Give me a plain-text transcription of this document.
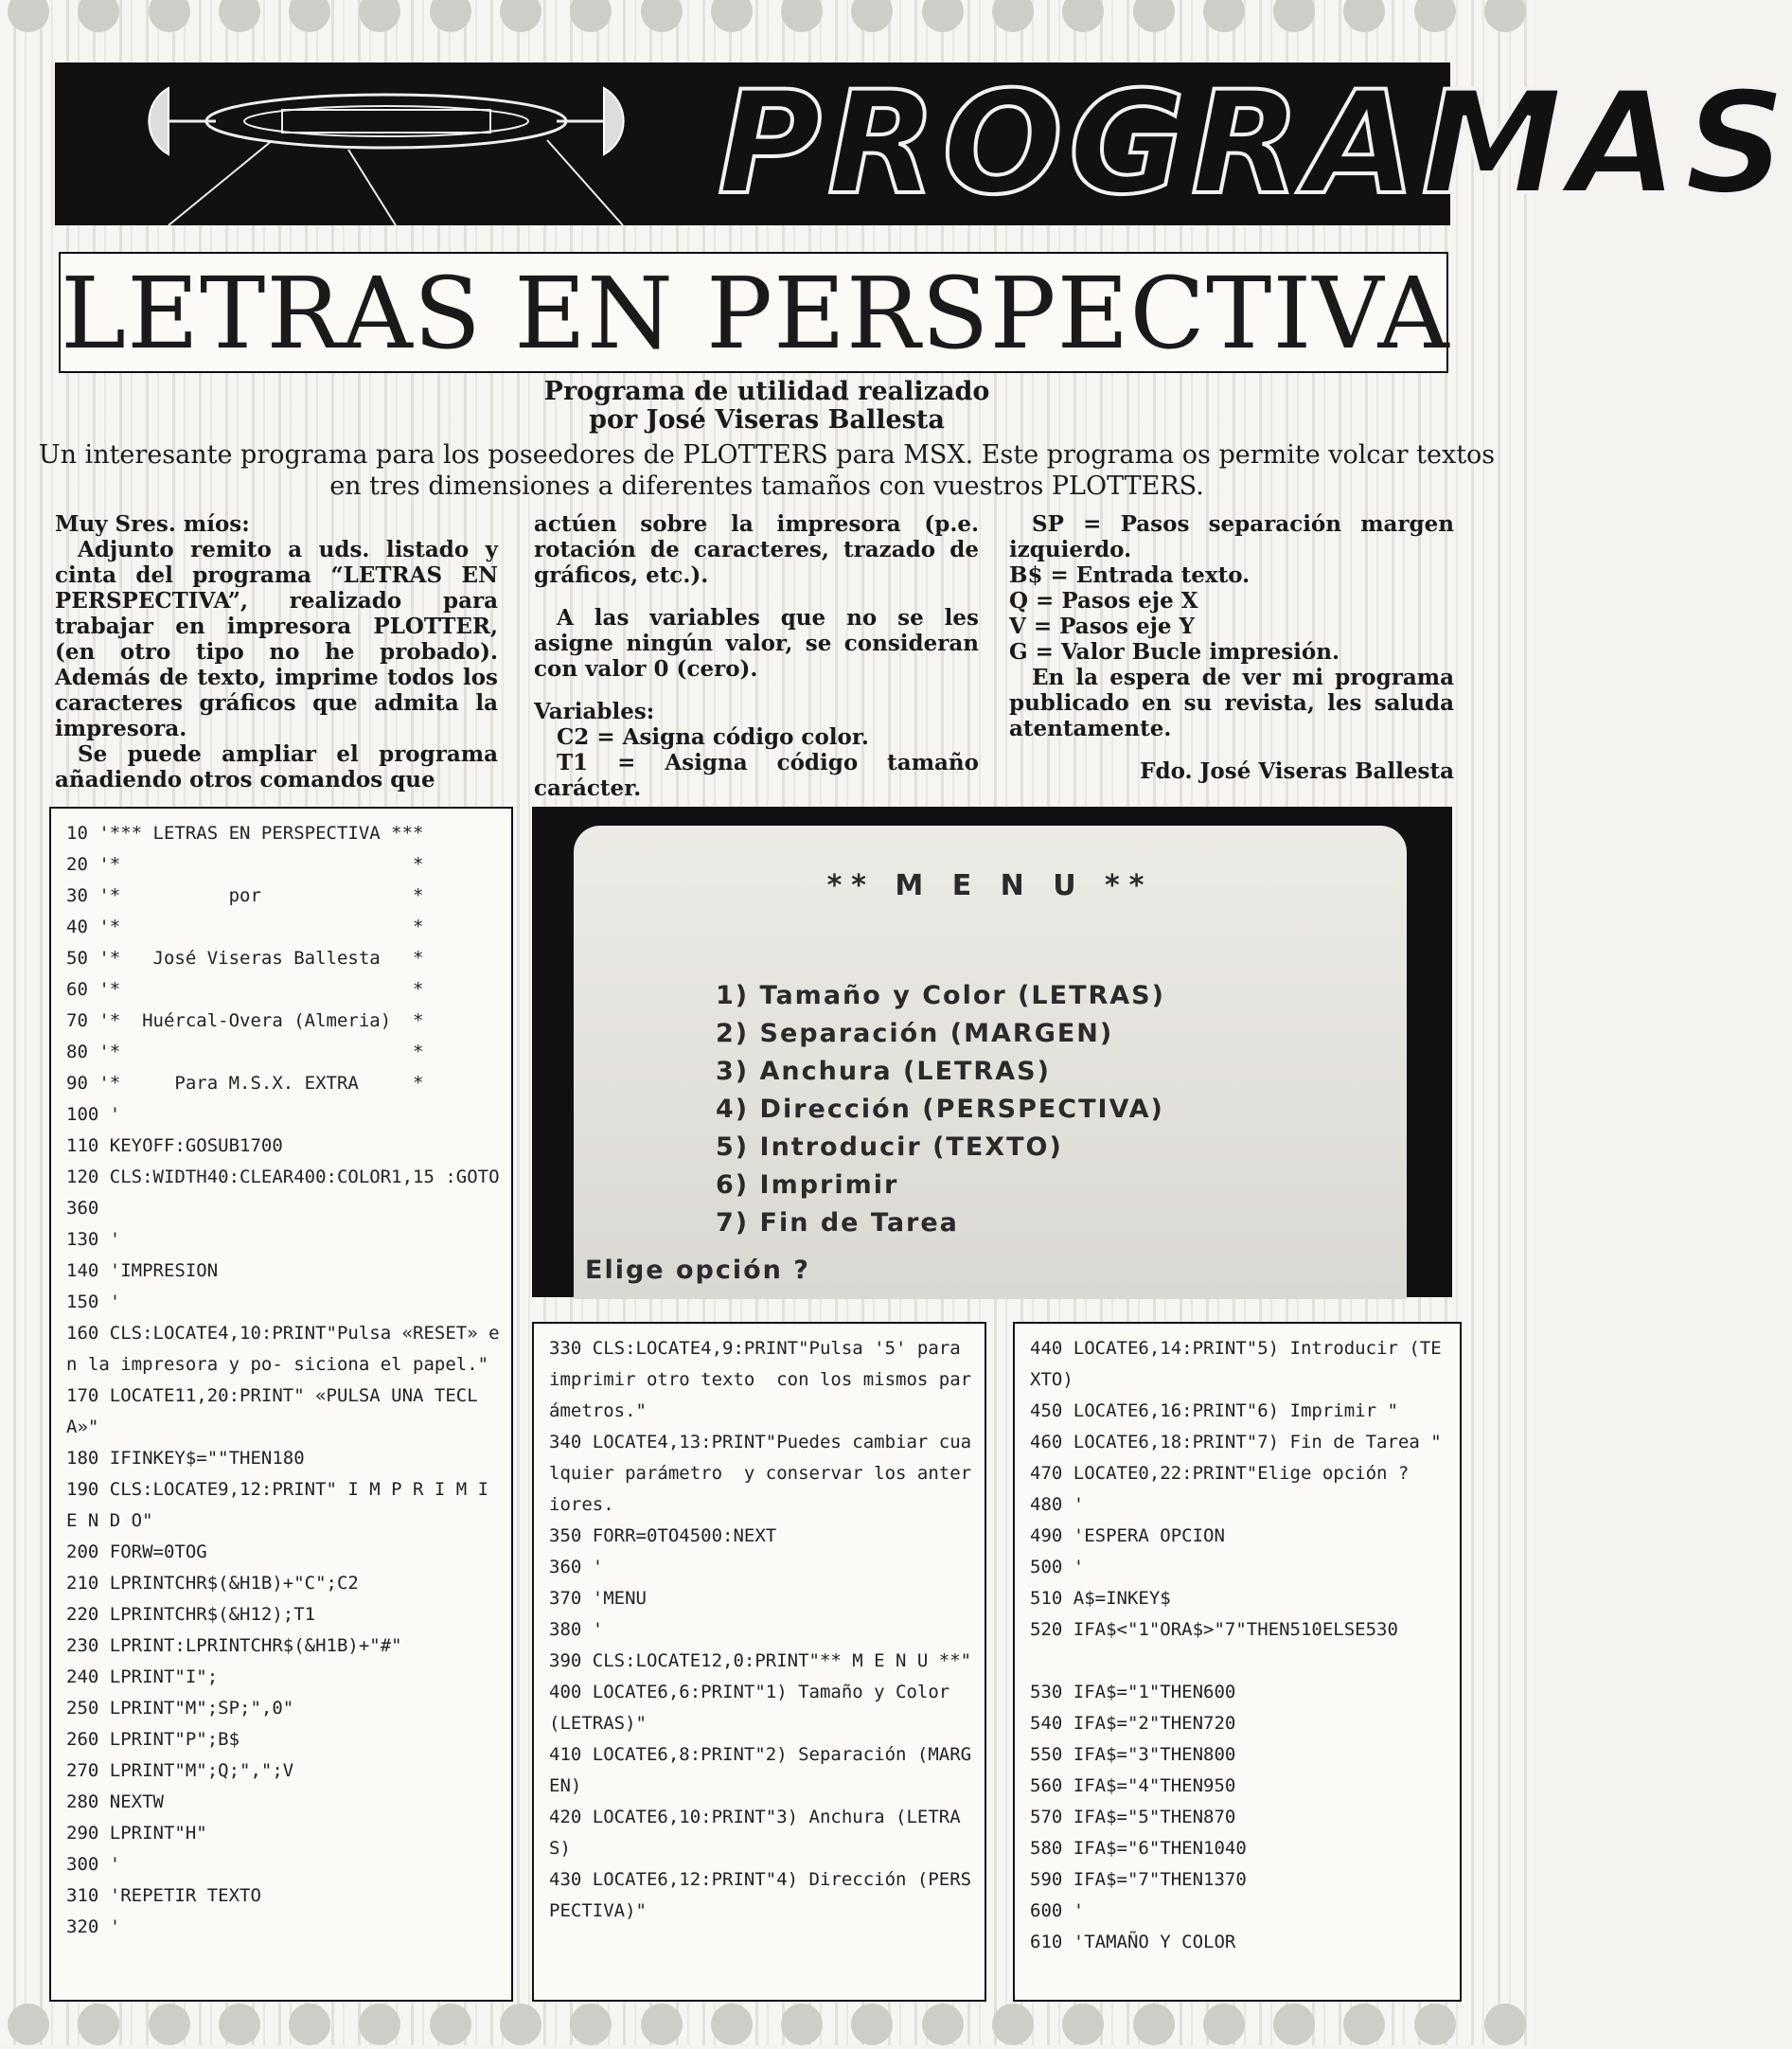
PROGRAMAS
LETRAS EN PERSPECTIVA
Programa de utilidad realizado
por José Viseras Ballesta
Un interesante programa para los poseedores de PLOTTERS para MSX. Este programa os permite volcar textos en tres dimensiones a diferentes tamaños con vuestros PLOTTERS.

Muy Sres. míos:

Adjunto remito a uds. listado y cinta del programa “LETRAS EN PERSPECTIVA”, realizado para trabajar en impresora PLOTTER, (en otro tipo no he probado). Además de texto, imprime todos los caracteres gráficos que admita la impresora.

Se puede ampliar el programa añadiendo otros comandos que

actúen sobre la impresora (p.e. rotación de caracteres, trazado de gráficos, etc.).

A las variables que no se les asigne ningún valor, se consideran con valor 0 (cero).

Variables:

C2 = Asigna código color.

T1 = Asigna código tamaño carácter.

SP = Pasos separación margen izquierdo.

B$ = Entrada texto.

Q = Pasos eje X

V = Pasos eje Y

G = Valor Bucle impresión.

En la espera de ver mi programa publicado en su revista, les saluda atentamente.

Fdo. José Viseras Ballesta

10 '*** LETRAS EN PERSPECTIVA ***
20 '*                           *
30 '*          por              *
40 '*                           *
50 '*   José Viseras Ballesta   *
60 '*                           *
70 '*  Huércal-Overa (Almeria)  *
80 '*                           *
90 '*     Para M.S.X. EXTRA     *
100 '
110 KEYOFF:GOSUB1700
120 CLS:WIDTH40:CLEAR400:COLOR1,15 :GOTO 360
130 '
140 'IMPRESION
150 '
160 CLS:LOCATE4,10:PRINT"Pulsa «RESET» en la impresora y po- siciona el papel."
170 LOCATE11,20:PRINT" «PULSA UNA TECLA»"
180 IFINKEY$=""THEN180
190 CLS:LOCATE9,12:PRINT" I M P R I M I E N D O"
200 FORW=0TOG
210 LPRINTCHR$(&H1B)+"C";C2
220 LPRINTCHR$(&H12);T1
230 LPRINT:LPRINTCHR$(&H1B)+"#"
240 LPRINT"I";
250 LPRINT"M";SP;",0"
260 LPRINT"P";B$
270 LPRINT"M";Q;",";V
280 NEXTW
290 LPRINT"H"
300 '
310 'REPETIR TEXTO
320 '
** M E N U **
1) Tamaño y Color (LETRAS)
2) Separación (MARGEN)
3) Anchura (LETRAS)
4) Dirección (PERSPECTIVA)
5) Introducir (TEXTO)
6) Imprimir
7) Fin de Tarea
Elige opción ?
330 CLS:LOCATE4,9:PRINT"Pulsa '5' para imprimir otro texto  con los mismos parámetros."
340 LOCATE4,13:PRINT"Puedes cambiar cualquier parámetro  y conservar los anteriores.
350 FORR=0TO4500:NEXT
360 '
370 'MENU
380 '
390 CLS:LOCATE12,0:PRINT"** M E N U **"
400 LOCATE6,6:PRINT"1) Tamaño y Color (LETRAS)"
410 LOCATE6,8:PRINT"2) Separación (MARGEN)
420 LOCATE6,10:PRINT"3) Anchura (LETRAS)
430 LOCATE6,12:PRINT"4) Dirección (PERSPECTIVA)"
440 LOCATE6,14:PRINT"5) Introducir (TEXTO)
450 LOCATE6,16:PRINT"6) Imprimir "
460 LOCATE6,18:PRINT"7) Fin de Tarea "
470 LOCATE0,22:PRINT"Elige opción ?
480 '
490 'ESPERA OPCION
500 '
510 A$=INKEY$
520 IFA$<"1"ORA$>"7"THEN510ELSE530
530 IFA$="1"THEN600
540 IFA$="2"THEN720
550 IFA$="3"THEN800
560 IFA$="4"THEN950
570 IFA$="5"THEN870
580 IFA$="6"THEN1040
590 IFA$="7"THEN1370
600 '
610 'TAMAÑO Y COLOR
